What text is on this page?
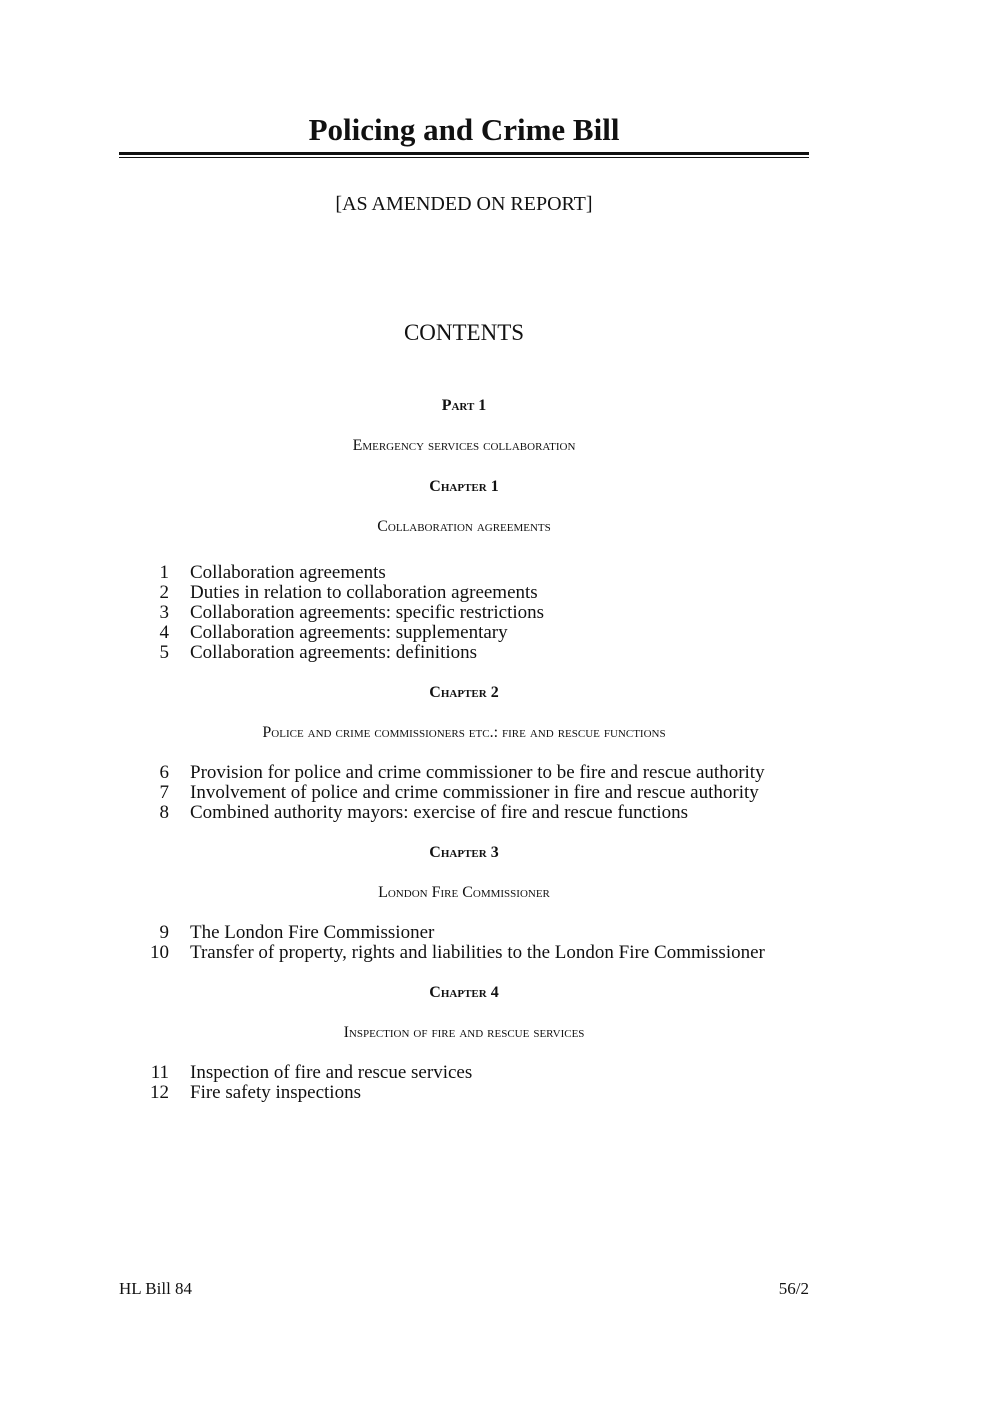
Policing and Crime Bill
[AS AMENDED ON REPORT]
CONTENTS
Part 1
Emergency services collaboration
Chapter 1
Collaboration agreements
1 Collaboration agreements
2 Duties in relation to collaboration agreements
3 Collaboration agreements: specific restrictions
4 Collaboration agreements: supplementary
5 Collaboration agreements: definitions
Chapter 2
Police and crime commissioners etc.: fire and rescue functions
6 Provision for police and crime commissioner to be fire and rescue authority
7 Involvement of police and crime commissioner in fire and rescue authority
8 Combined authority mayors: exercise of fire and rescue functions
Chapter 3
London Fire Commissioner
9 The London Fire Commissioner
10 Transfer of property, rights and liabilities to the London Fire Commissioner
Chapter 4
Inspection of fire and rescue services
11 Inspection of fire and rescue services
12 Fire safety inspections
HL Bill 84	56/2
